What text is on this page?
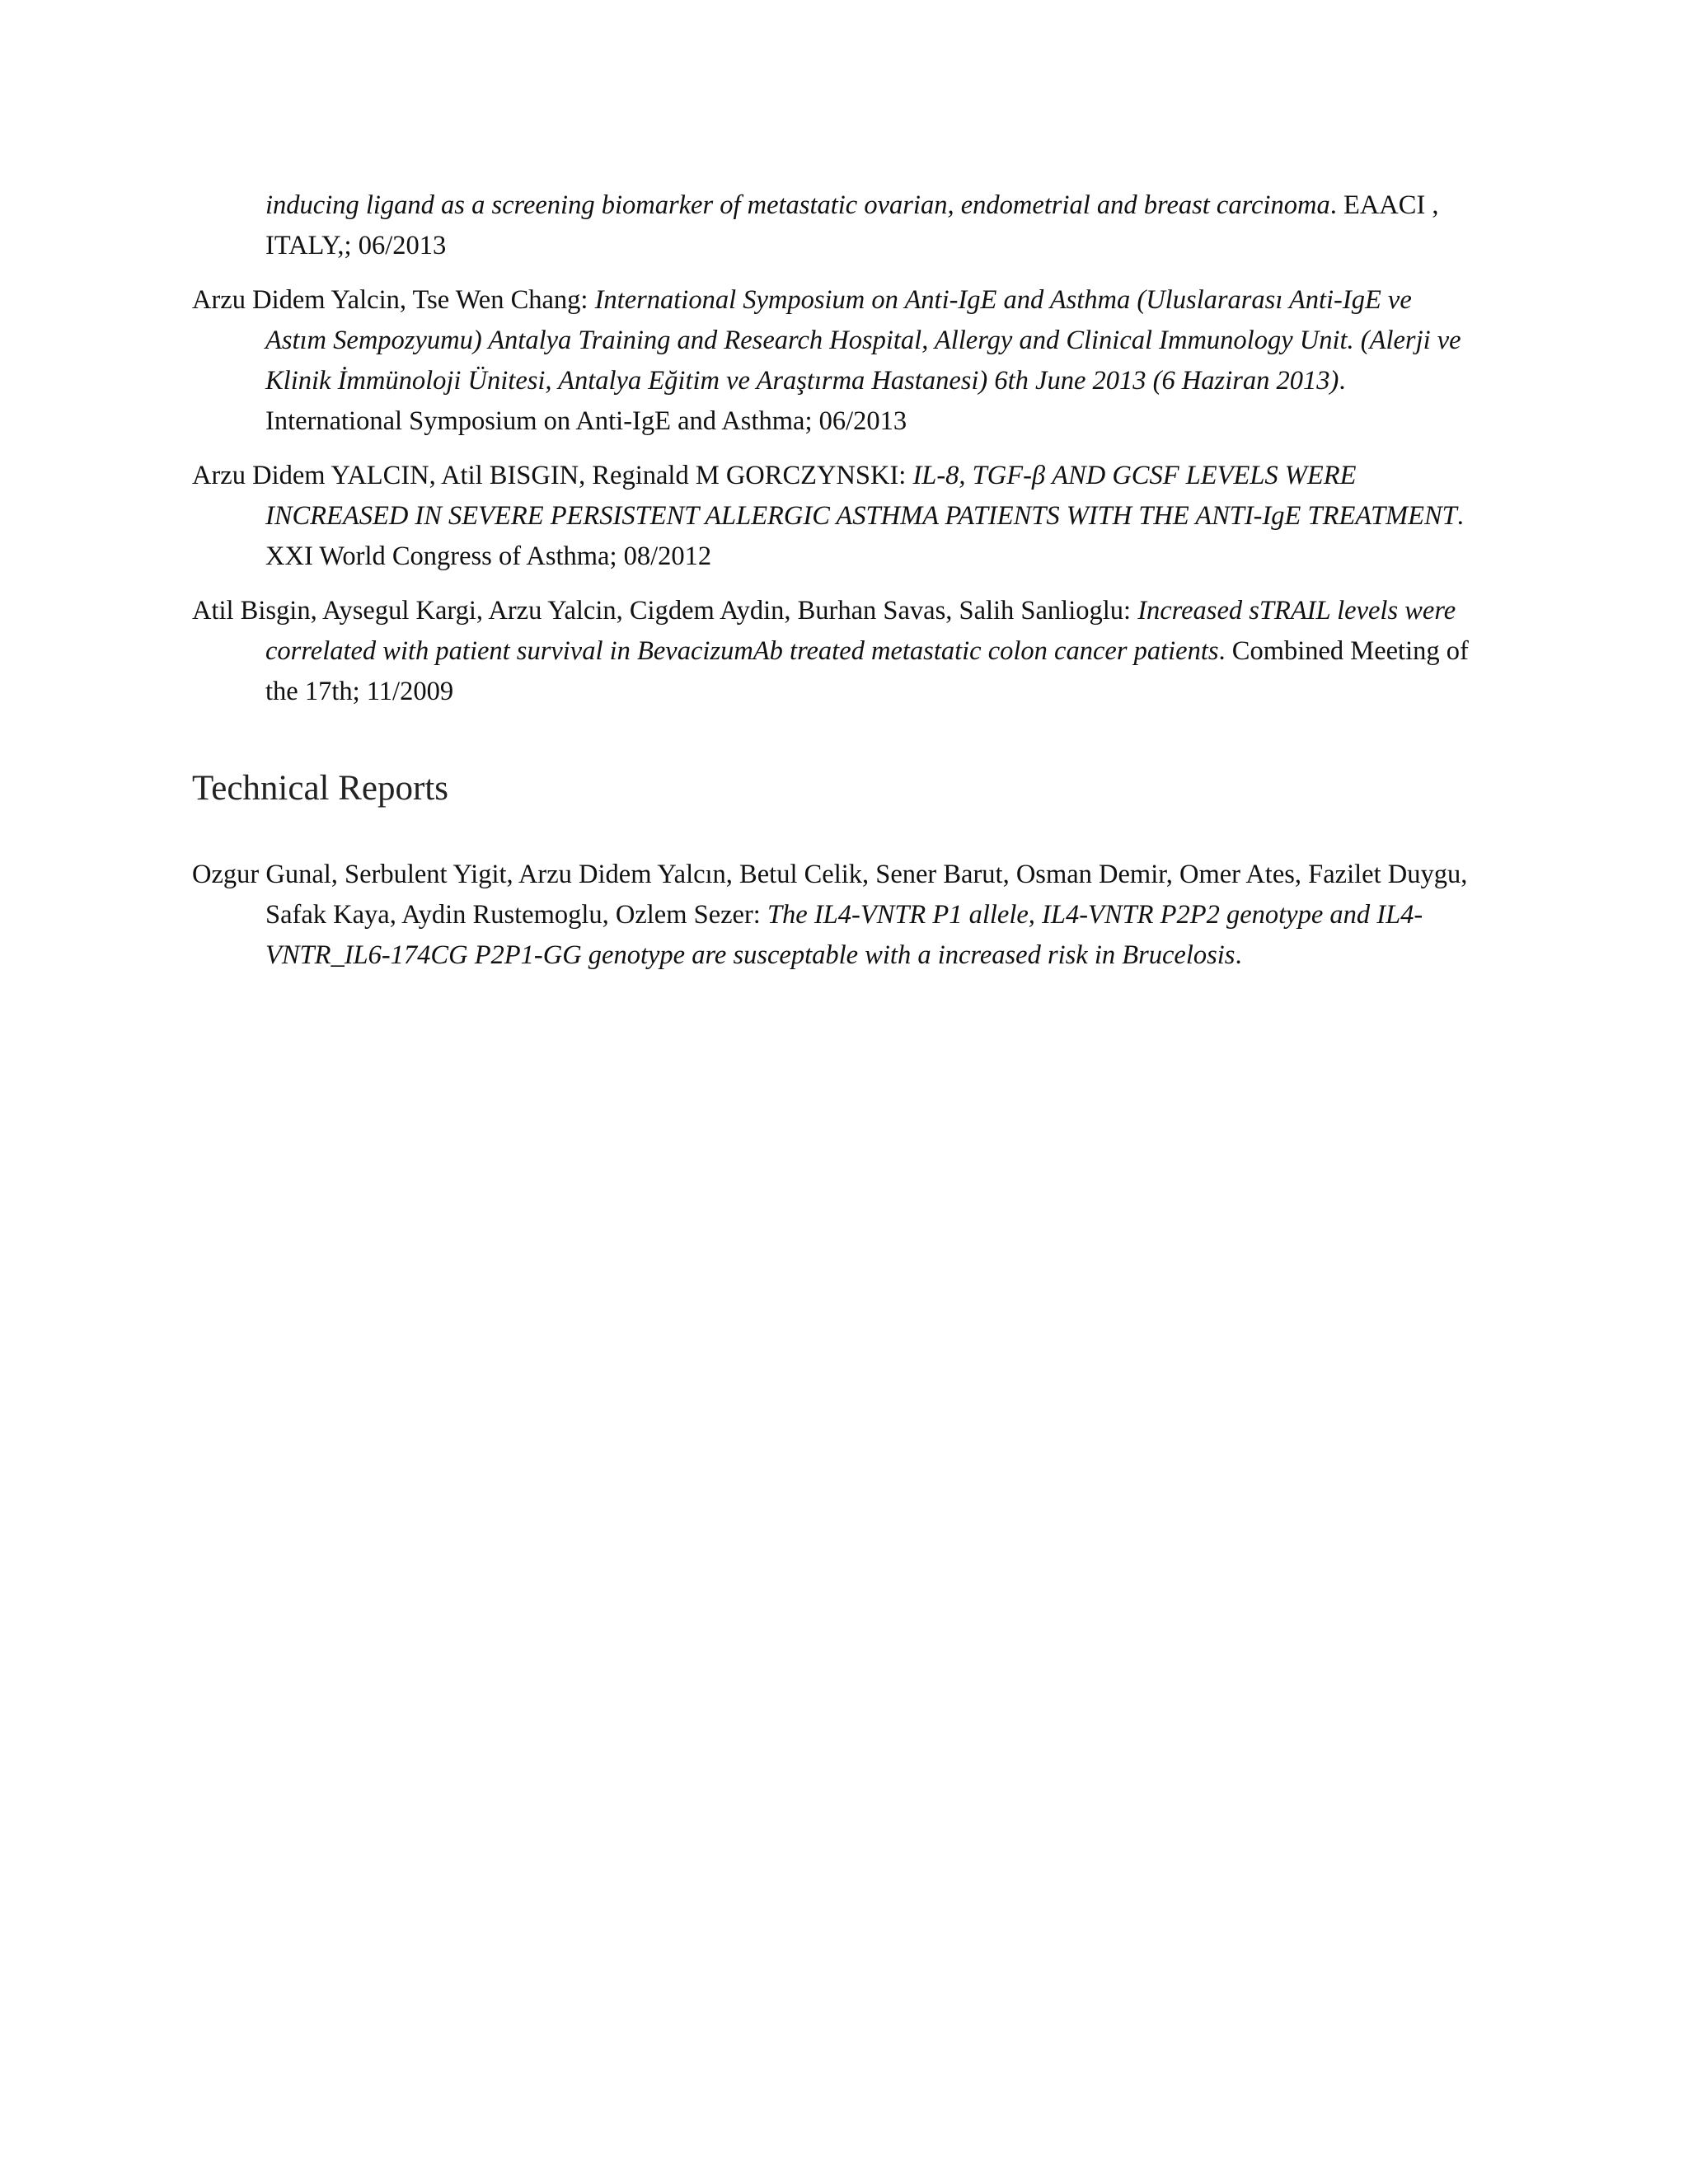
inducing ligand as a screening biomarker of metastatic ovarian, endometrial and breast carcinoma. EAACI , ITALY,; 06/2013

Arzu Didem Yalcin, Tse Wen Chang: International Symposium on Anti-IgE and Asthma (Uluslararası Anti-IgE ve Astım Sempozyumu) Antalya Training and Research Hospital, Allergy and Clinical Immunology Unit. (Alerji ve Klinik İmmünoloji Ünitesi, Antalya Eğitim ve Araştırma Hastanesi) 6th June 2013 (6 Haziran 2013). International Symposium on Anti-IgE and Asthma; 06/2013

Arzu Didem YALCIN, Atil BISGIN, Reginald M GORCZYNSKI: IL-8, TGF-β AND GCSF LEVELS WERE INCREASED IN SEVERE PERSISTENT ALLERGIC ASTHMA PATIENTS WITH THE ANTI-IgE TREATMENT. XXI World Congress of Asthma; 08/2012

Atil Bisgin, Aysegul Kargi, Arzu Yalcin, Cigdem Aydin, Burhan Savas, Salih Sanlioglu: Increased sTRAIL levels were correlated with patient survival in BevacizumAb treated metastatic colon cancer patients. Combined Meeting of the 17th; 11/2009

Technical Reports

Ozgur Gunal, Serbulent Yigit, Arzu Didem Yalcın, Betul Celik, Sener Barut, Osman Demir, Omer Ates, Fazilet Duygu, Safak Kaya, Aydin Rustemoglu, Ozlem Sezer: The IL4-VNTR P1 allele, IL4-VNTR P2P2 genotype and IL4-VNTR_IL6-174CG P2P1-GG genotype are susceptable with a increased risk in Brucelosis.
